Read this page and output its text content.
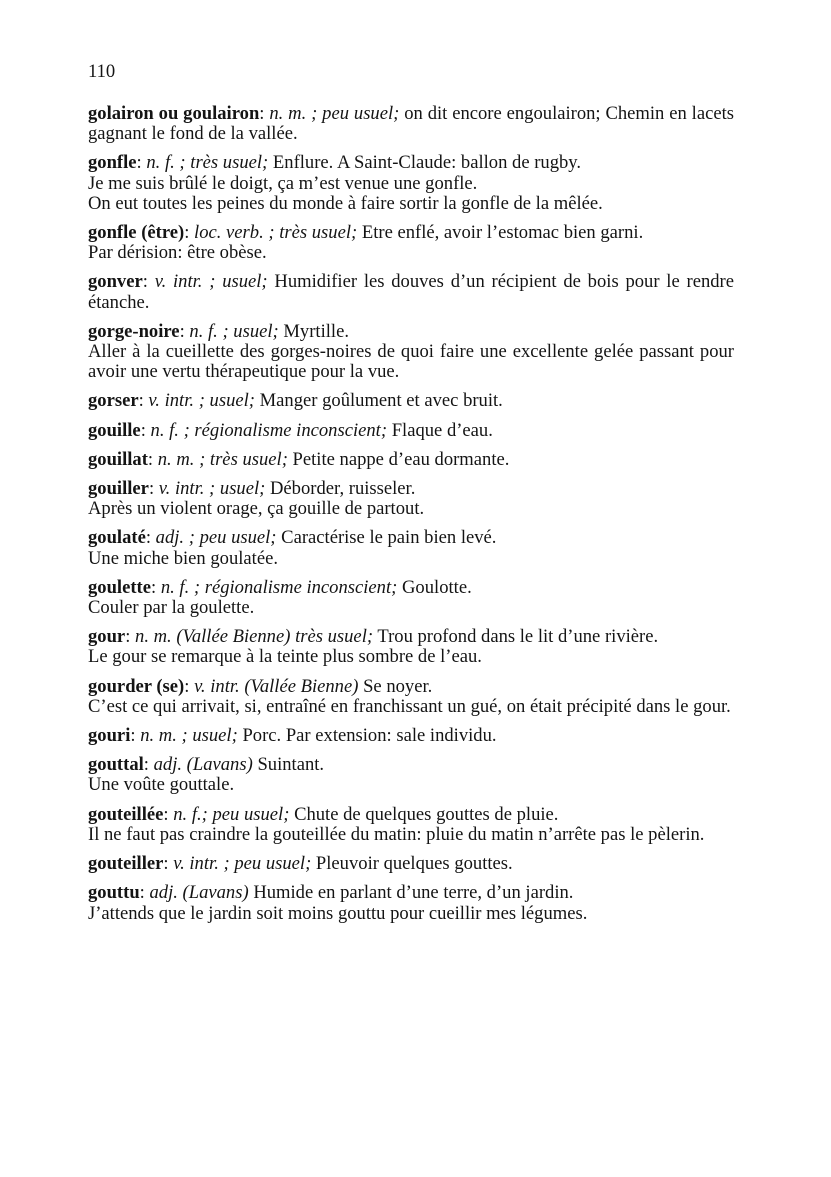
110
golairon ou goulairon: n. m. ; peu usuel; on dit encore engoulairon; Chemin en lacets gagnant le fond de la vallée.
gonfle: n. f. ; très usuel; Enflure. A Saint-Claude: ballon de rugby.
Je me suis brûlé le doigt, ça m’est venue une gonfle.
On eut toutes les peines du monde à faire sortir la gonfle de la mêlée.
gonfle (être): loc. verb. ; très usuel; Etre enflé, avoir l’estomac bien garni.
Par dérision: être obèse.
gonver: v. intr. ; usuel; Humidifier les douves d’un récipient de bois pour le rendre étanche.
gorge-noire: n. f. ; usuel; Myrtille.
Aller à la cueillette des gorges-noires de quoi faire une excellente gelée passant pour avoir une vertu thérapeutique pour la vue.
gorser: v. intr. ; usuel; Manger goûlument et avec bruit.
gouille: n. f. ; régionalisme inconscient; Flaque d’eau.
gouillat: n. m. ; très usuel; Petite nappe d’eau dormante.
gouiller: v. intr. ; usuel; Déborder, ruisseler.
Après un violent orage, ça gouille de partout.
goulaté: adj. ; peu usuel; Caractérise le pain bien levé.
Une miche bien goulatée.
goulette: n. f. ; régionalisme inconscient; Goulotte.
Couler par la goulette.
gour: n. m. (Vallée Bienne) très usuel; Trou profond dans le lit d’une rivière.
Le gour se remarque à la teinte plus sombre de l’eau.
gourder (se): v. intr. (Vallée Bienne) Se noyer.
C’est ce qui arrivait, si, entraîné en franchissant un gué, on était précipité dans le gour.
gouri: n. m. ; usuel; Porc. Par extension: sale individu.
gouttal: adj. (Lavans) Suintant.
Une voûte gouttale.
gouteillée: n. f.; peu usuel; Chute de quelques gouttes de pluie.
Il ne faut pas craindre la gouteillée du matin: pluie du matin n’arrête pas le pèlerin.
gouteiller: v. intr. ; peu usuel; Pleuvoir quelques gouttes.
gouttu: adj. (Lavans) Humide en parlant d’une terre, d’un jardin.
J’attends que le jardin soit moins gouttu pour cueillir mes légumes.
